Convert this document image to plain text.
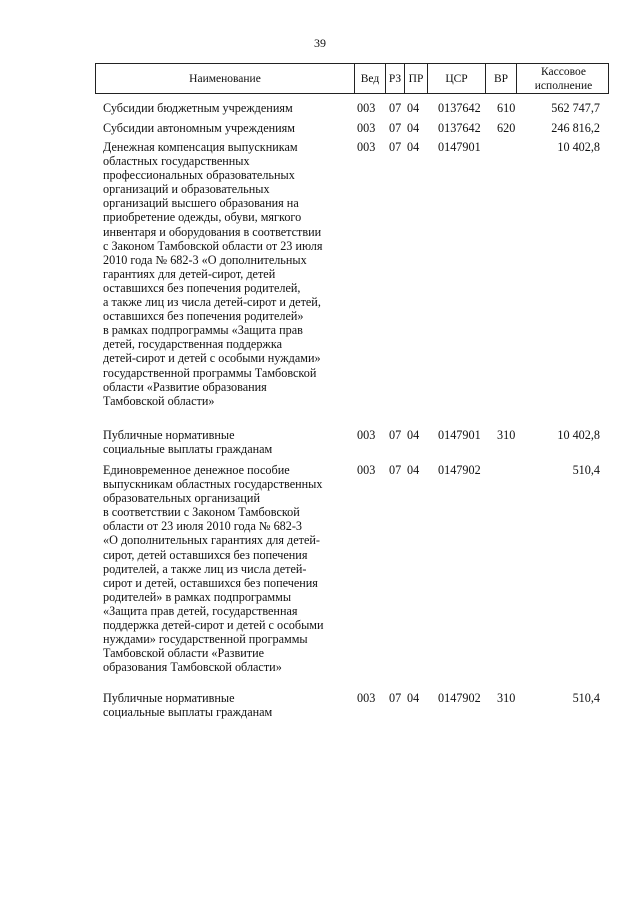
39
Наименование	Вед РЗ ПР	ЦСР	ВР
Кассовое
исполнение
Субсидии бюджетным учреждениям	003 07 04 0137642 610	562 747,7
Субсидии автономным учреждениям	003 07 04 0137642 620	246 816,2
Денежная компенсация выпускникам
областных государственных
профессиональных образовательных
организаций и образовательных
организаций высшего образования на
приобретение одежды, обуви, мягкого
инвентаря и оборудования в соответствии
с Законом Тамбовской области от 23 июля
2010 года № 682-3 «О дополнительных
гарантиях для детей-сирот, детей
оставшихся без попечения родителей,
а также лиц из числа детей-сирот и детей,
оставшихся без попечения родителей»
в рамках подпрограммы «Защита прав
детей, государственная поддержка
детей-сирот и детей с особыми нуждами»
государственной программы Тамбовской
области «Развитие образования
Тамбовской области»
003 07 04 0147901	10 402,8
Публичные нормативные
социальные выплаты гражданам
003 07 04 0147901 310	10 402,8
Единовременное денежное пособие
выпускникам областных государственных
образовательных организаций
в соответствии с Законом Тамбовской
области от 23 июля 2010 года № 682-3
«О дополнительных гарантиях для детей-
сирот, детей оставшихся без попечения
родителей, а также лиц из числа детей-
сирот и детей, оставшихся без попечения
родителей» в рамках подпрограммы
«Защита прав детей, государственная
поддержка детей-сирот и детей с особыми
нуждами» государственной программы
Тамбовской области «Развитие
образования Тамбовской области»
003 07 04 0147902	510,4
Публичные нормативные
социальные выплаты гражданам
003 07 04 0147902 310	510,4
